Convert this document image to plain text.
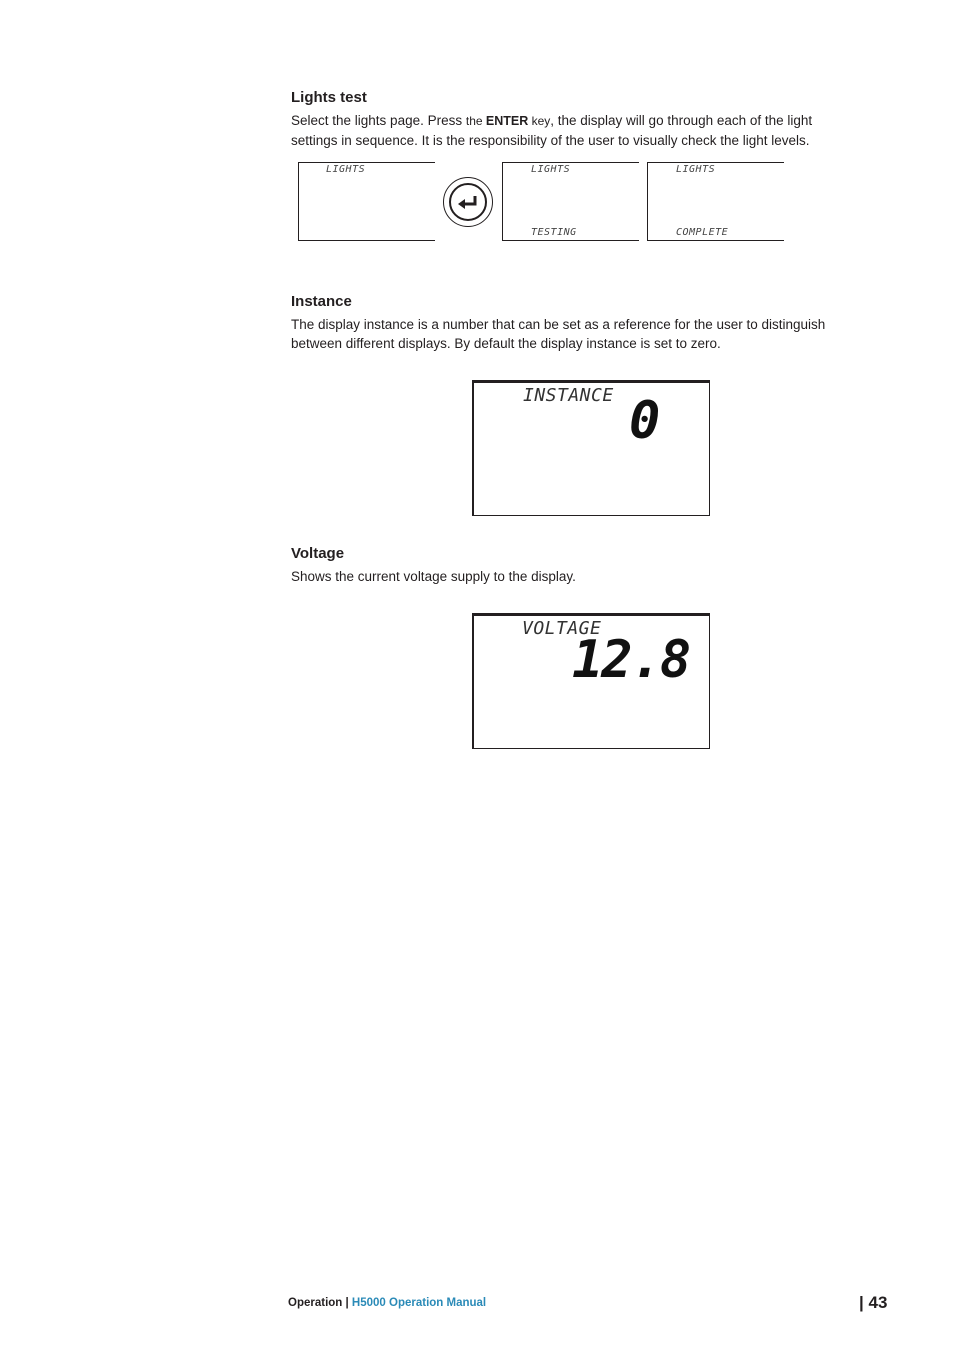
Lights test

Select the lights page. Press the ENTER key, the display will go through each of the light settings in sequence. It is the responsibility of the user to visually check the light levels.

LIGHTS	LIGHTS
TESTING
LIGHTS
COMPLETE
Instance

The display instance is a number that can be set as a reference for the user to distinguish between different displays. By default the display instance is set to zero.

INSTANCE 0
Voltage

Shows the current voltage supply to the display.

VOLTAGE
12.8
Operation | H5000 Operation Manual	| 43
